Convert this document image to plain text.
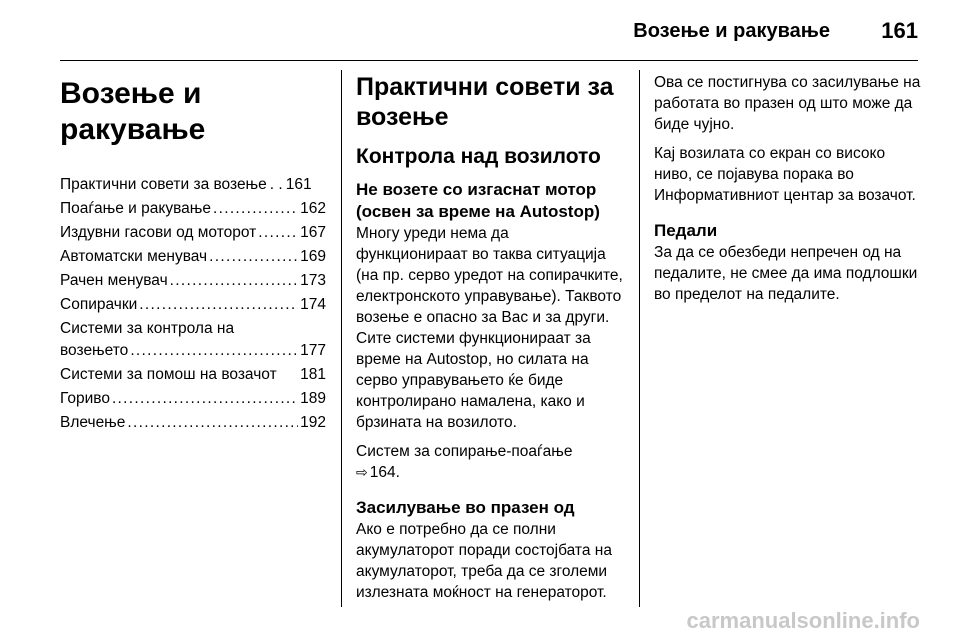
Возење и ракување 161
Возење и ракување
Практични совети за возење . . 161
Поаѓање и ракување . . .	162
Издувни гасови од моторот . . .	167
Автоматски менувач . . .	169
Рачен менувач . . .	173
Сопирачки . . .	174
Системи за контрола на
возењето . . .	177
Системи за помош на возачот 181
Гориво . . .	189
Влечење . . .	192
Практични совети за возење
Контрола над возилото
Не возете со изгаснат мотор (освен за време на Autostop)

Многу уреди нема да функционираат во таква ситуација (на пр. серво уредот на сопирачките, електронското управување). Таквото возење е опасно за Вас и за други. Сите системи функционираат за време на Autostop, но силата на серво управувањето ќе биде контролирано намалена, како и брзината на возилото.

Систем за сопирање-поаѓање
⇨ 164.

Засилување во празен од

Ако е потребно да се полни акумулаторот поради состојбата на акумулаторот, треба да се зголеми излезната моќност на генераторот.

Ова се постигнува со засилување на работата во празен од што може да биде чујно.

Кај возилата со екран со високо ниво, се појавува порака во Информативниот центар за возачот.

Педали

За да се обезбеди непречен од на педалите, не смее да има подлошки во пределот на педалите.

carmanualsonline.info
